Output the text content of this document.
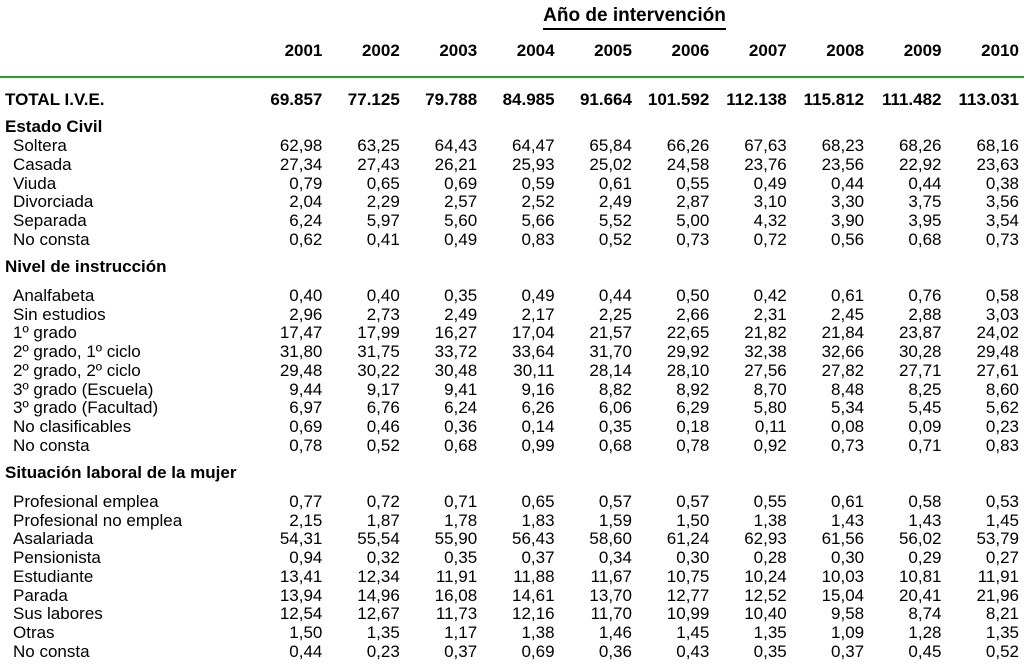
Año de intervención
	2001	2002	2003	2004	2005	2006	2007	2008	2009	2010
TOTAL I.V.E.	69.857	77.125	79.788	84.985	91.664	101.592	112.138	115.812	111.482	113.031
Estado Civil										
Soltera	62,98	63,25	64,43	64,47	65,84	66,26	67,63	68,23	68,26	68,16
Casada	27,34	27,43	26,21	25,93	25,02	24,58	23,76	23,56	22,92	23,63
Viuda	0,79	0,65	0,69	0,59	0,61	0,55	0,49	0,44	0,44	0,38
Divorciada	2,04	2,29	2,57	2,52	2,49	2,87	3,10	3,30	3,75	3,56
Separada	6,24	5,97	5,60	5,66	5,52	5,00	4,32	3,90	3,95	3,54
No consta	0,62	0,41	0,49	0,83	0,52	0,73	0,72	0,56	0,68	0,73
Nivel de instrucción										
Analfabeta	0,40	0,40	0,35	0,49	0,44	0,50	0,42	0,61	0,76	0,58
Sin estudios	2,96	2,73	2,49	2,17	2,25	2,66	2,31	2,45	2,88	3,03
1º grado	17,47	17,99	16,27	17,04	21,57	22,65	21,82	21,84	23,87	24,02
2º grado, 1º ciclo	31,80	31,75	33,72	33,64	31,70	29,92	32,38	32,66	30,28	29,48
2º grado, 2º ciclo	29,48	30,22	30,48	30,11	28,14	28,10	27,56	27,82	27,71	27,61
3º grado (Escuela)	9,44	9,17	9,41	9,16	8,82	8,92	8,70	8,48	8,25	8,60
3º grado (Facultad)	6,97	6,76	6,24	6,26	6,06	6,29	5,80	5,34	5,45	5,62
No clasificables	0,69	0,46	0,36	0,14	0,35	0,18	0,11	0,08	0,09	0,23
No consta	0,78	0,52	0,68	0,99	0,68	0,78	0,92	0,73	0,71	0,83
Situación laboral de la mujer										
Profesional emplea	0,77	0,72	0,71	0,65	0,57	0,57	0,55	0,61	0,58	0,53
Profesional no emplea	2,15	1,87	1,78	1,83	1,59	1,50	1,38	1,43	1,43	1,45
Asalariada	54,31	55,54	55,90	56,43	58,60	61,24	62,93	61,56	56,02	53,79
Pensionista	0,94	0,32	0,35	0,37	0,34	0,30	0,28	0,30	0,29	0,27
Estudiante	13,41	12,34	11,91	11,88	11,67	10,75	10,24	10,03	10,81	11,91
Parada	13,94	14,96	16,08	14,61	13,70	12,77	12,52	15,04	20,41	21,96
Sus labores	12,54	12,67	11,73	12,16	11,70	10,99	10,40	9,58	8,74	8,21
Otras	1,50	1,35	1,17	1,38	1,46	1,45	1,35	1,09	1,28	1,35
No consta	0,44	0,23	0,37	0,69	0,36	0,43	0,35	0,37	0,45	0,52
